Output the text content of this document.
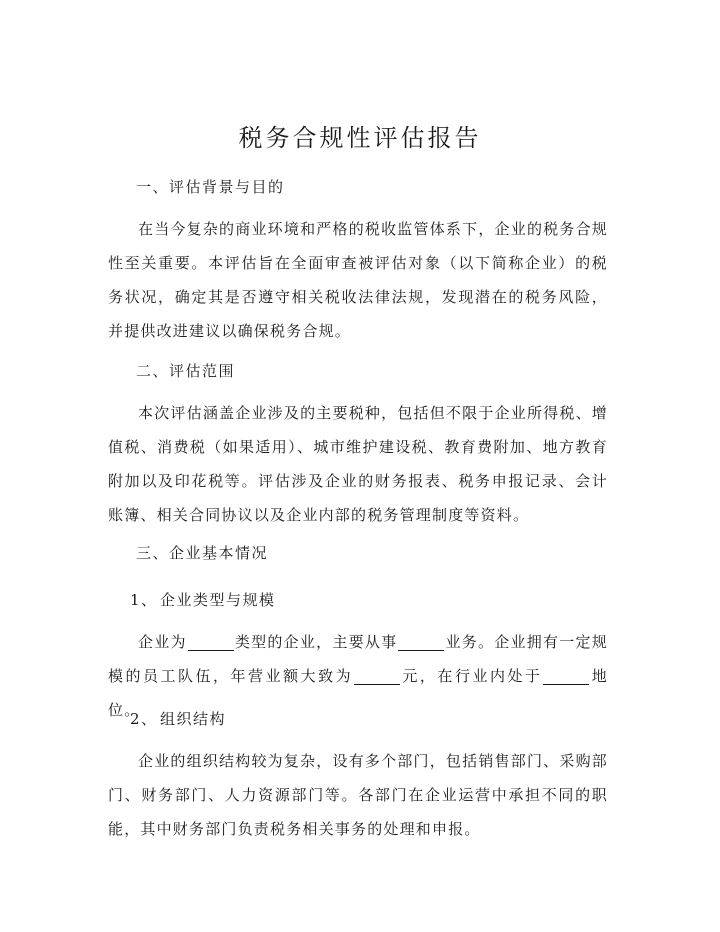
税务合规性评估报告
一、评估背景与目的

在当今复杂的商业环境和严格的税收监管体系下，企业的税务合规性至关重要。本评估旨在全面审查被评估对象（以下简称企业）的税务状况，确定其是否遵守相关税收法律法规，发现潜在的税务风险，并提供改进建议以确保税务合规。

二、评估范围

本次评估涵盖企业涉及的主要税种，包括但不限于企业所得税、增值税、消费税（如果适用）、城市维护建设税、教育费附加、地方教育附加以及印花税等。评估涉及企业的财务报表、税务申报记录、会计账簿、相关合同协议以及企业内部的税务管理制度等资料。

三、企业基本情况
1、 企业类型与规模

企业为	类型的企业，主要从事	业务。企业拥有一定规模的员工队伍，年营业额大致为	元，在行业内处于	地位。

2、 组织结构

企业的组织结构较为复杂，设有多个部门，包括销售部门、采购部门、财务部门、人力资源部门等。各部门在企业运营中承担不同的职能，其中财务部门负责税务相关事务的处理和申报。
